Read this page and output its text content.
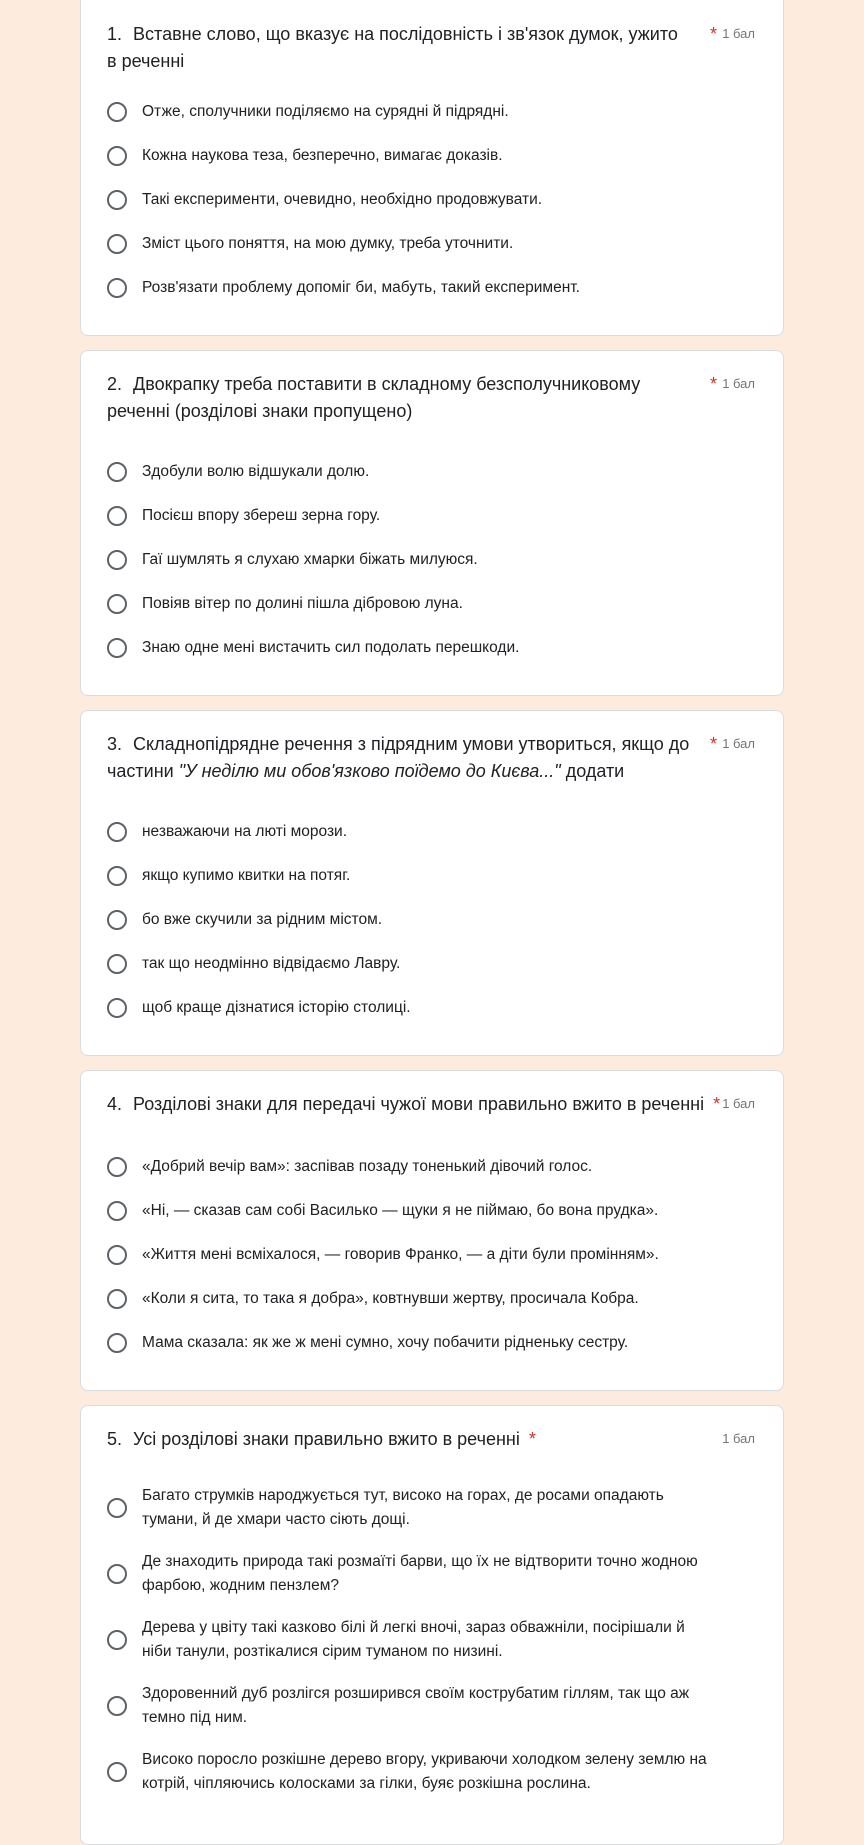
1. Вставне слово, що вказує на послідовність і зв'язок думок, ужито в реченні
* 1 бал
Отже, сполучники поділяємо на сурядні й підрядні.
Кожна наукова теза, безперечно, вимагає доказів.
Такі експерименти, очевидно, необхідно продовжувати.
Зміст цього поняття, на мою думку, треба уточнити.
Розв'язати проблему допоміг би, мабуть, такий експеримент.
2. Двокрапку треба поставити в складному безсполучниковому реченні (розділові знаки пропущено)
* 1 бал
Здобули волю відшукали долю.
Посієш впору збереш зерна гору.
Гаї шумлять я слухаю хмарки біжать милуюся.
Повіяв вітер по долині пішла дібровою луна.
Знаю одне мені вистачить сил подолать перешкоди.
3. Складнопідрядне речення з підрядним умови утвориться, якщо до частини "У неділю ми обов'язково поїдемо до Києва..." додати
* 1 бал
незважаючи на люті морози.
якщо купимо квитки на потяг.
бо вже скучили за рідним містом.
так що неодмінно відвідаємо Лавру.
щоб краще дізнатися історію столиці.
4. Розділові знаки для передачі чужої мови правильно вжито в реченні * 1 бал
«Добрий вечір вам»: заспівав позаду тоненький дівочий голос.
«Ні, — сказав сам собі Василько — щуки я не піймаю, бо вона прудка».
«Життя мені всміхалося, — говорив Франко, — а діти були промінням».
«Коли я сита, то така я добра», ковтнувши жертву, просичала Кобра.
Мама сказала: як же ж мені сумно, хочу побачити рідненьку сестру.
5. Усі розділові знаки правильно вжито в реченні *	1 бал
Багато струмків народжується тут, високо на горах, де росами опадають
тумани, й де хмари часто сіють дощі.
Де знаходить природа такі розмаїті барви, що їх не відтворити точно жодною
фарбою, жодним пензлем?
Дерева у цвіту такі казково білі й легкі вночі, зараз обважніли, посірішали й
ніби танули, розтікалися сірим туманом по низині.
Здоровенний дуб розлігся розширився своїм кострубатим гіллям, так що аж
темно під ним.
Високо поросло розкішне дерево вгору, укриваючи холодком зелену землю на
котрій, чіпляючись колосками за гілки, буяє розкішна рослина.
